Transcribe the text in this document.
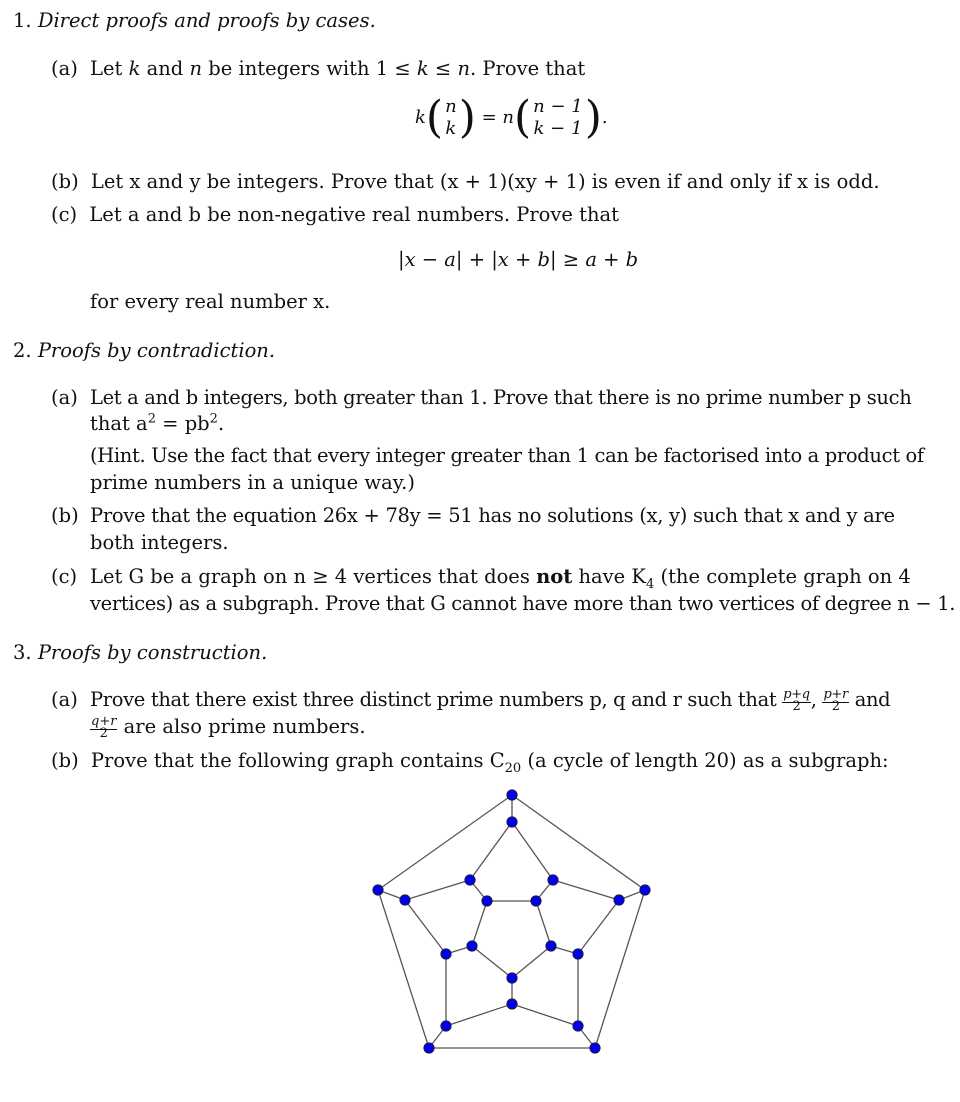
1. Direct proofs and proofs by cases.
(a) Let k and n be integers with 1 ≤ k ≤ n. Prove that
k( n
k) = n( n − 1
k − 1).
(b) Let x and y be integers. Prove that (x + 1)(xy + 1) is even if and only if x is odd.
(c) Let a and b be non-negative real numbers. Prove that
|x − a| + |x + b| ≥ a + b
for every real number x.
2. Proofs by contradiction.
(a) Let a and b integers, both greater than 1. Prove that there is no prime number p such
that $a^2 = pb^2$.
(Hint. Use the fact that every integer greater than 1 can be factorised into a product of
prime numbers in a unique way.)
(b) Prove that the equation 26x + 78y = 51 has no solutions (x, y) such that x and y are
both integers.
(c) Let G be a graph on n ≥ 4 vertices that does not have $K_4$ (the complete graph on 4
vertices) as a subgraph. Prove that G cannot have more than two vertices of degree n − 1.
3. Proofs by construction.
(a) Prove that there exist three distinct prime numbers p, q and r such that p+q
2 , p+r
2 and
q+r
2 are also prime numbers.
(b) Prove that the following graph contains $C_{20}$ (a cycle of length 20) as a subgraph:
